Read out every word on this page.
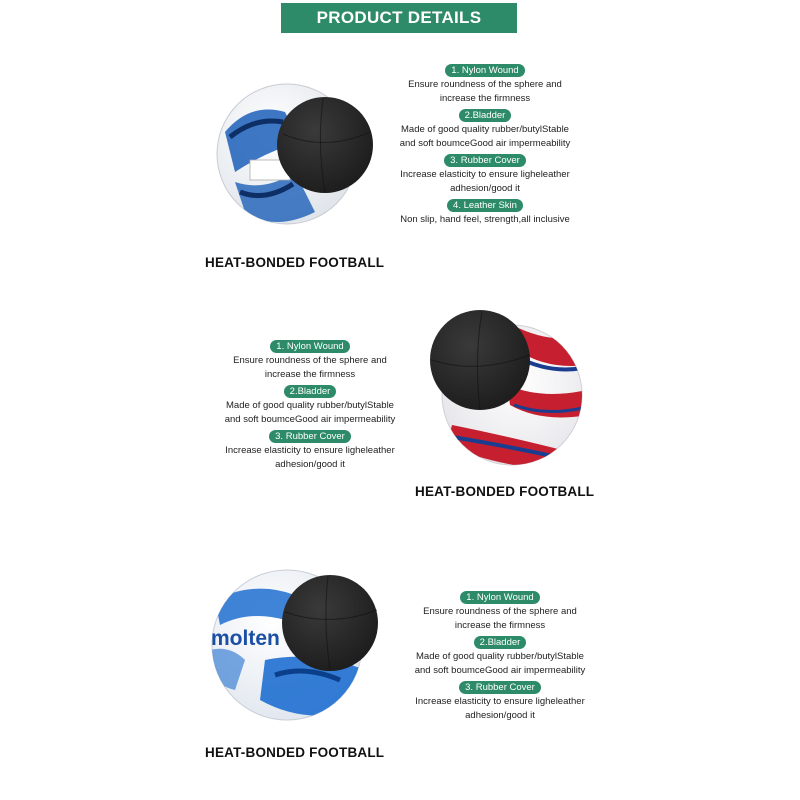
PRODUCT DETAILS
HEAT-BONDED FOOTBALL
1. Nylon Wound
Ensure roundness of the sphere and
increase the firmness
2.Bladder
Made of good quality rubber/butylStable
and soft boumceGood air impermeability
3. Rubber Cover
Increase elasticity to ensure ligheleather
adhesion/good it
4. Leather Skin
Non slip, hand feel, strength,all inclusive
HEAT-BONDED FOOTBALL
1. Nylon Wound
Ensure roundness of the sphere and
increase the firmness
2.Bladder
Made of good quality rubber/butylStable
and soft boumceGood air impermeability
3. Rubber Cover
Increase elasticity to ensure ligheleather
adhesion/good it
molten
HEAT-BONDED FOOTBALL
1. Nylon Wound
Ensure roundness of the sphere and
increase the firmness
2.Bladder
Made of good quality rubber/butylStable
and soft boumceGood air impermeability
3. Rubber Cover
Increase elasticity to ensure ligheleather
adhesion/good it
